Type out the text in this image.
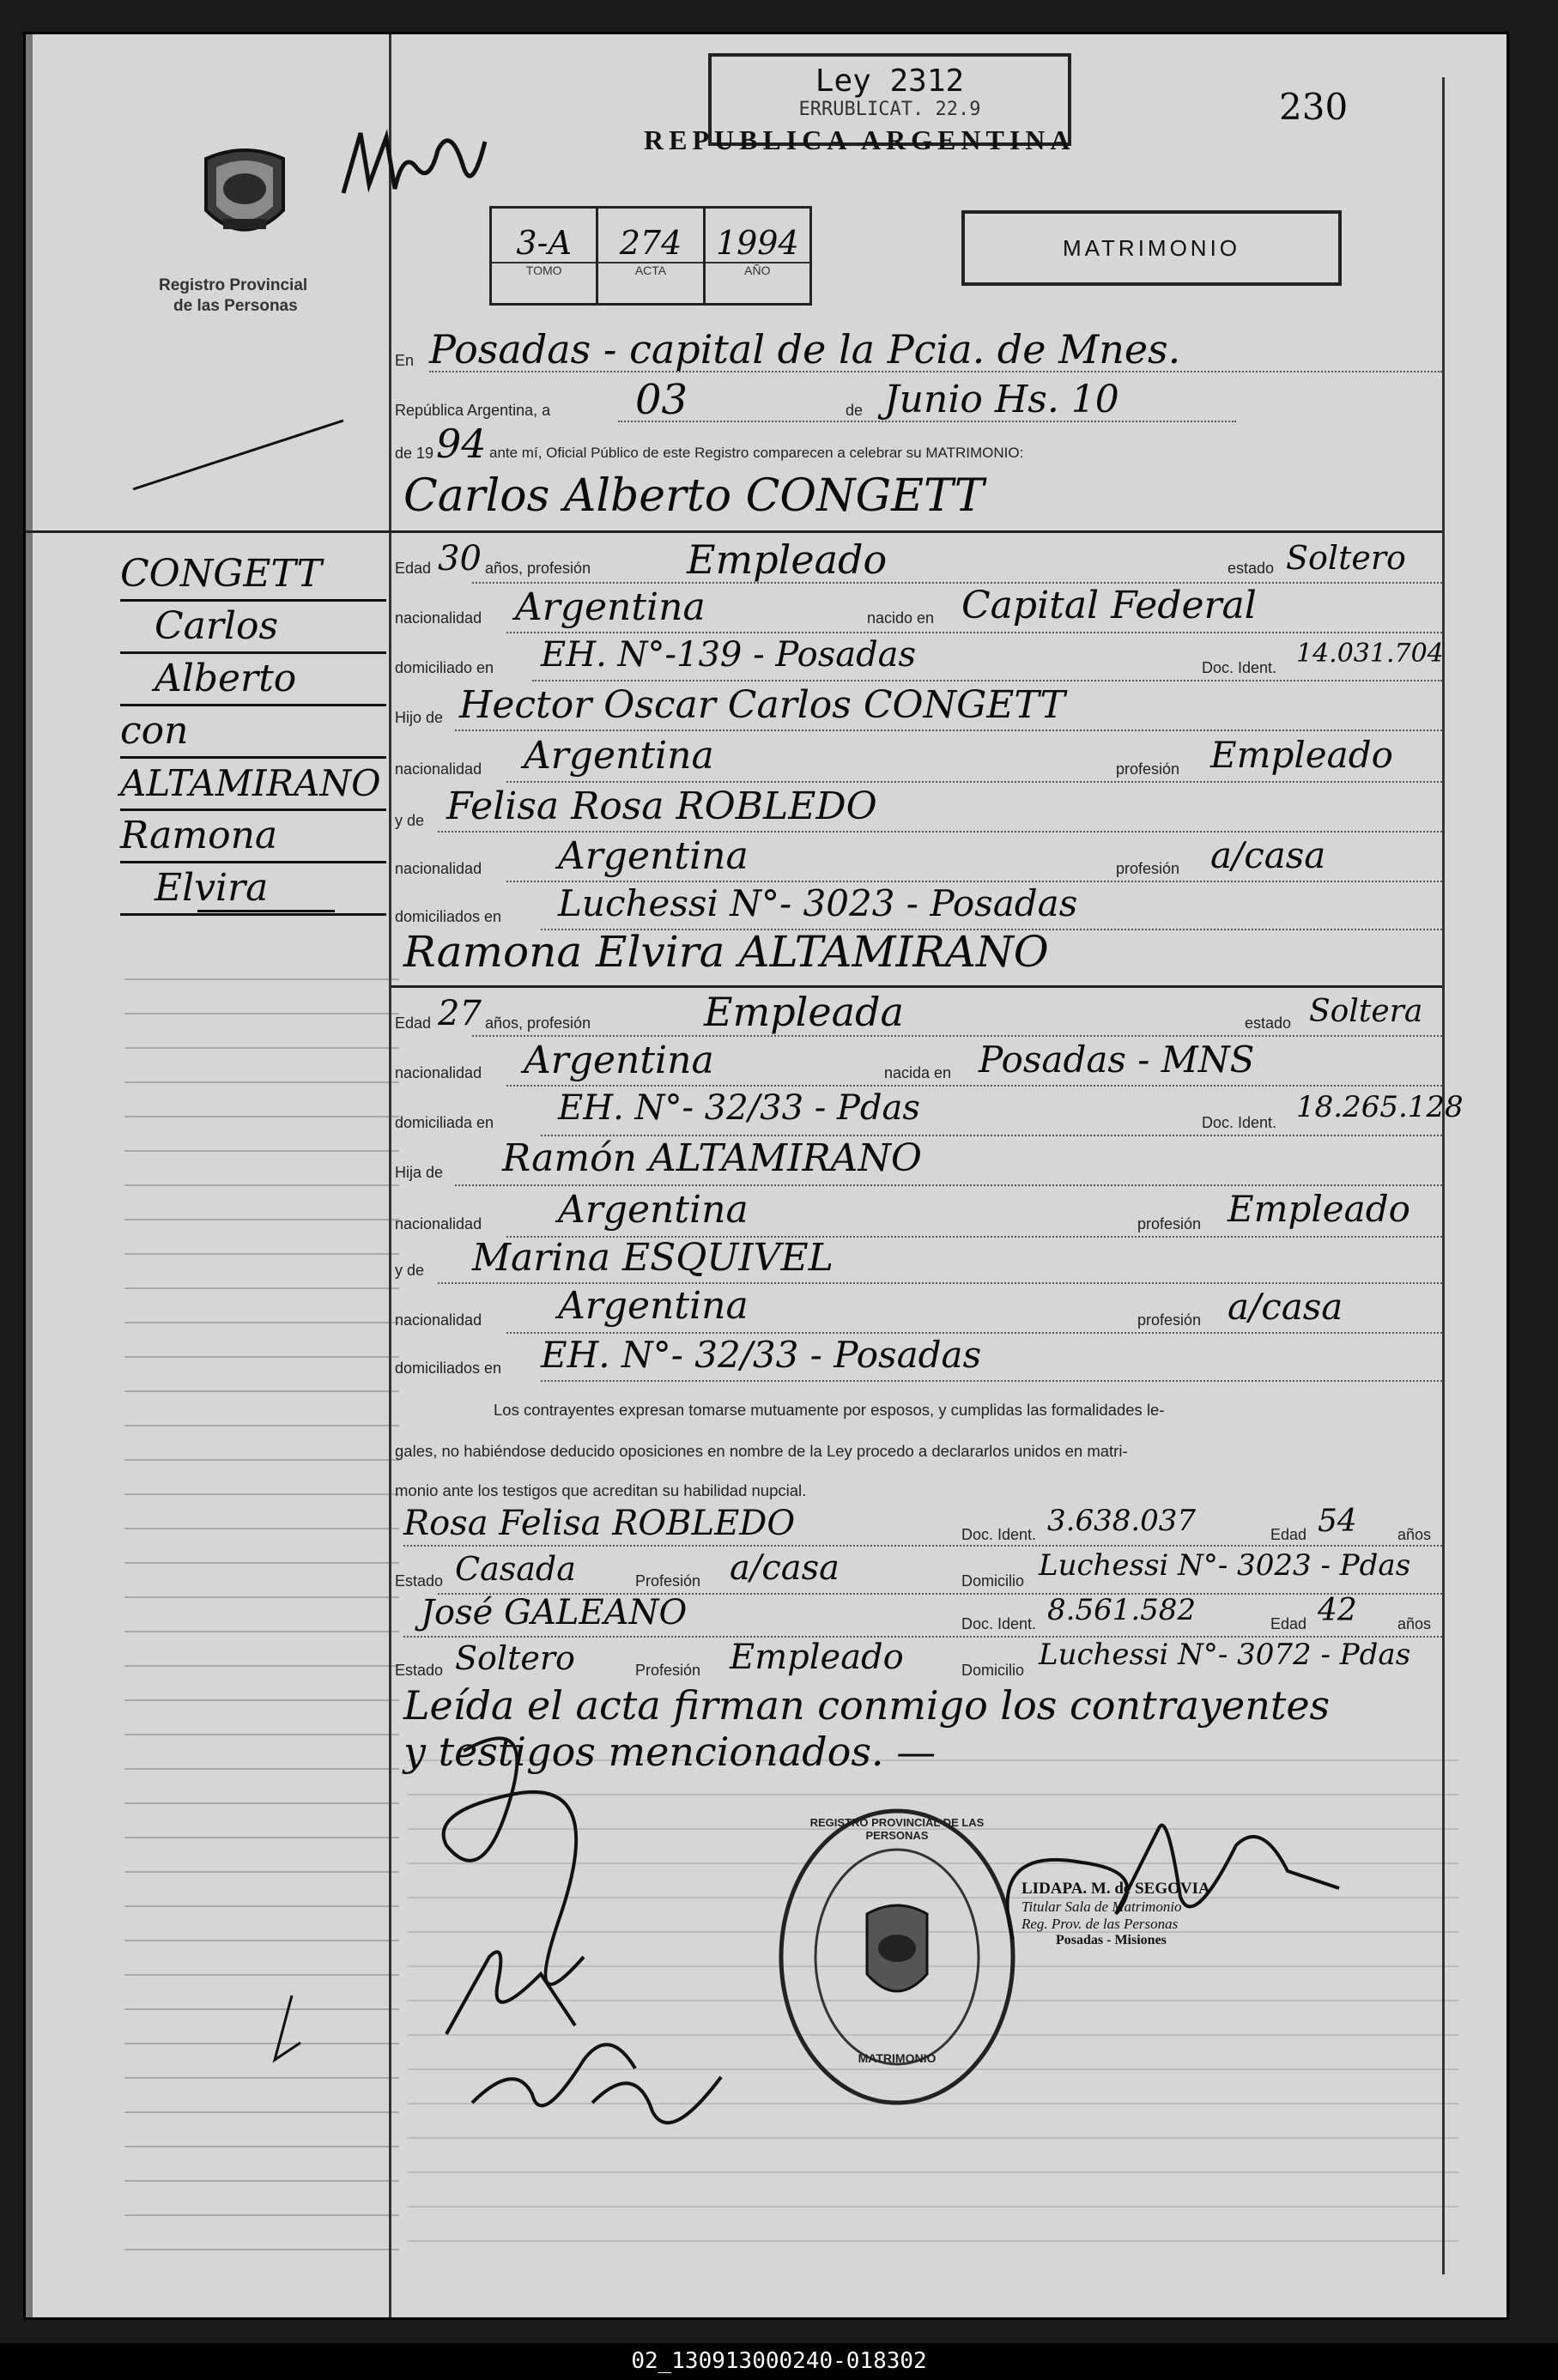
Registro Provincial
de las Personas
Ley 2312
ERRUBLICAT. 22.9
REPUBLICA ARGENTINA
230
MATRIMONIO
3-A
TOMO
274
ACTA
1994
AÑO
En Posadas - capital de la Pcia. de Mnes.
República Argentina, a 03	de Junio Hs. 10
de 19 94 ante mí, Oficial Público de este Registro comparecen a celebrar su MATRIMONIO:
CONGETT
Carlos
Alberto
con
ALTAMIRANO
Ramona
Elvira
Carlos Alberto CONGETT
Edad 30 años, profesión Empleado	estado Soltero
nacionalidad Argentina	nacido en Capital Federal
domiciliado en EH. N°-139 - Posadas	Doc. Ident. 14.031.704
Hijo de Hector Oscar Carlos CONGETT
nacionalidad Argentina	profesión Empleado
y de Felisa Rosa ROBLEDO
nacionalidad Argentina	profesión a/casa
domiciliados en Luchessi N°- 3023 - Posadas
Ramona Elvira ALTAMIRANO
Edad 27 años, profesión	Empleada	estado Soltera
nacionalidad Argentina	nacida en Posadas - MNS
domiciliada en EH. N°- 32/33 - Pdas	Doc. Ident. 18.265.128
Hija de Ramón ALTAMIRANO
nacionalidad Argentina	profesión Empleado
y de Marina ESQUIVEL
nacionalidad Argentina	profesión a/casa
domiciliados en EH. N°- 32/33 - Posadas
Los contrayentes expresan tomarse mutuamente por esposos, y cumplidas las formalidades le-
gales, no habiéndose deducido oposiciones en nombre de la Ley procedo a declararlos unidos en matri-
monio ante los testigos que acreditan su habilidad nupcial.
Rosa Felisa ROBLEDO	Doc. Ident. 3.638.037	Edad 54	años
Estado Casada	Profesión a/casa	Domicilio Luchessi N°- 3023 - Pdas
José GALEANO	Doc. Ident. 8.561.582	Edad 42	años
Estado Soltero	Profesión Empleado	Domicilio Luchessi N°- 3072 - Pdas
Leída el acta firman conmigo los contrayentes
y testigos mencionados. —
REGISTRO PROVINCIAL DE LAS PERSONAS
MATRIMONIO
LIDAPA. M. de SEGOVIA
Titular Sala de Matrimonio
Reg. Prov. de las Personas
Posadas - Misiones
02_130913000240-018302
